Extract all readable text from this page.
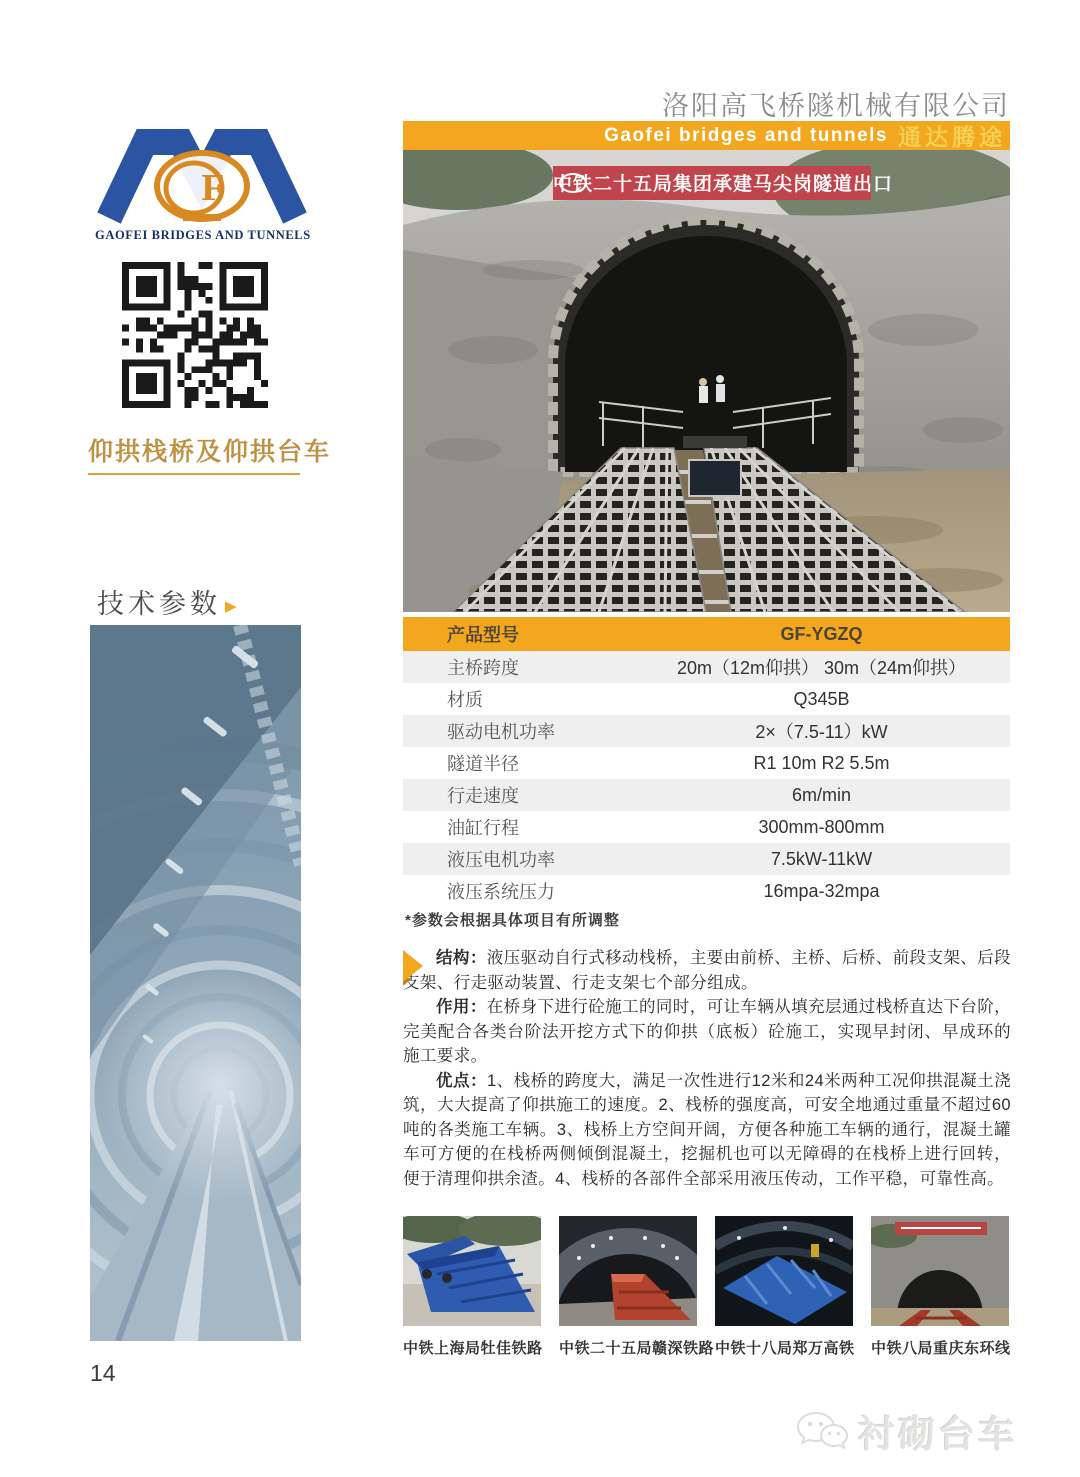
洛阳高飞桥隧机械有限公司
Gaofei bridges and tunnels 通达腾途
F
GAOFEI BRIDGES AND TUNNELS
仰拱栈桥及仰拱台车
技术参数 ▶
中铁二十五局集团承建马尖岗隧道出口
产品型号	GF-YGZQ
主桥跨度	20m（12m仰拱） 30m（24m仰拱）
材质	Q345B
驱动电机功率	2×（7.5-11）kW
隧道半径	R1 10m R2 5.5m
行走速度	6m/min
油缸行程	300mm-800mm
液压电机功率	7.5kW-11kW
液压系统压力	16mpa-32mpa
*参数会根据具体项目有所调整

结构：液压驱动自行式移动栈桥，主要由前桥、主桥、后桥、前段支架、后段支架、行走驱动装置、行走支架七个部分组成。

作用：在桥身下进行砼施工的同时，可让车辆从填充层通过栈桥直达下台阶，完美配合各类台阶法开挖方式下的仰拱（底板）砼施工，实现早封闭、早成环的施工要求。

优点：1、栈桥的跨度大，满足一次性进行12米和24米两种工况仰拱混凝土浇筑，大大提高了仰拱施工的速度。2、栈桥的强度高，可安全地通过重量不超过60吨的各类施工车辆。3、栈桥上方空间开阔，方便各种施工车辆的通行，混凝土罐车可方便的在栈桥两侧倾倒混凝土，挖掘机也可以无障碍的在栈桥上进行回转，便于清理仰拱余渣。4、栈桥的各部件全部采用液压传动，工作平稳，可靠性高。

中铁上海局牡佳铁路 中铁二十五局赣深铁路 中铁十八局郑万高铁 中铁八局重庆东环线
14
衬砌台车
